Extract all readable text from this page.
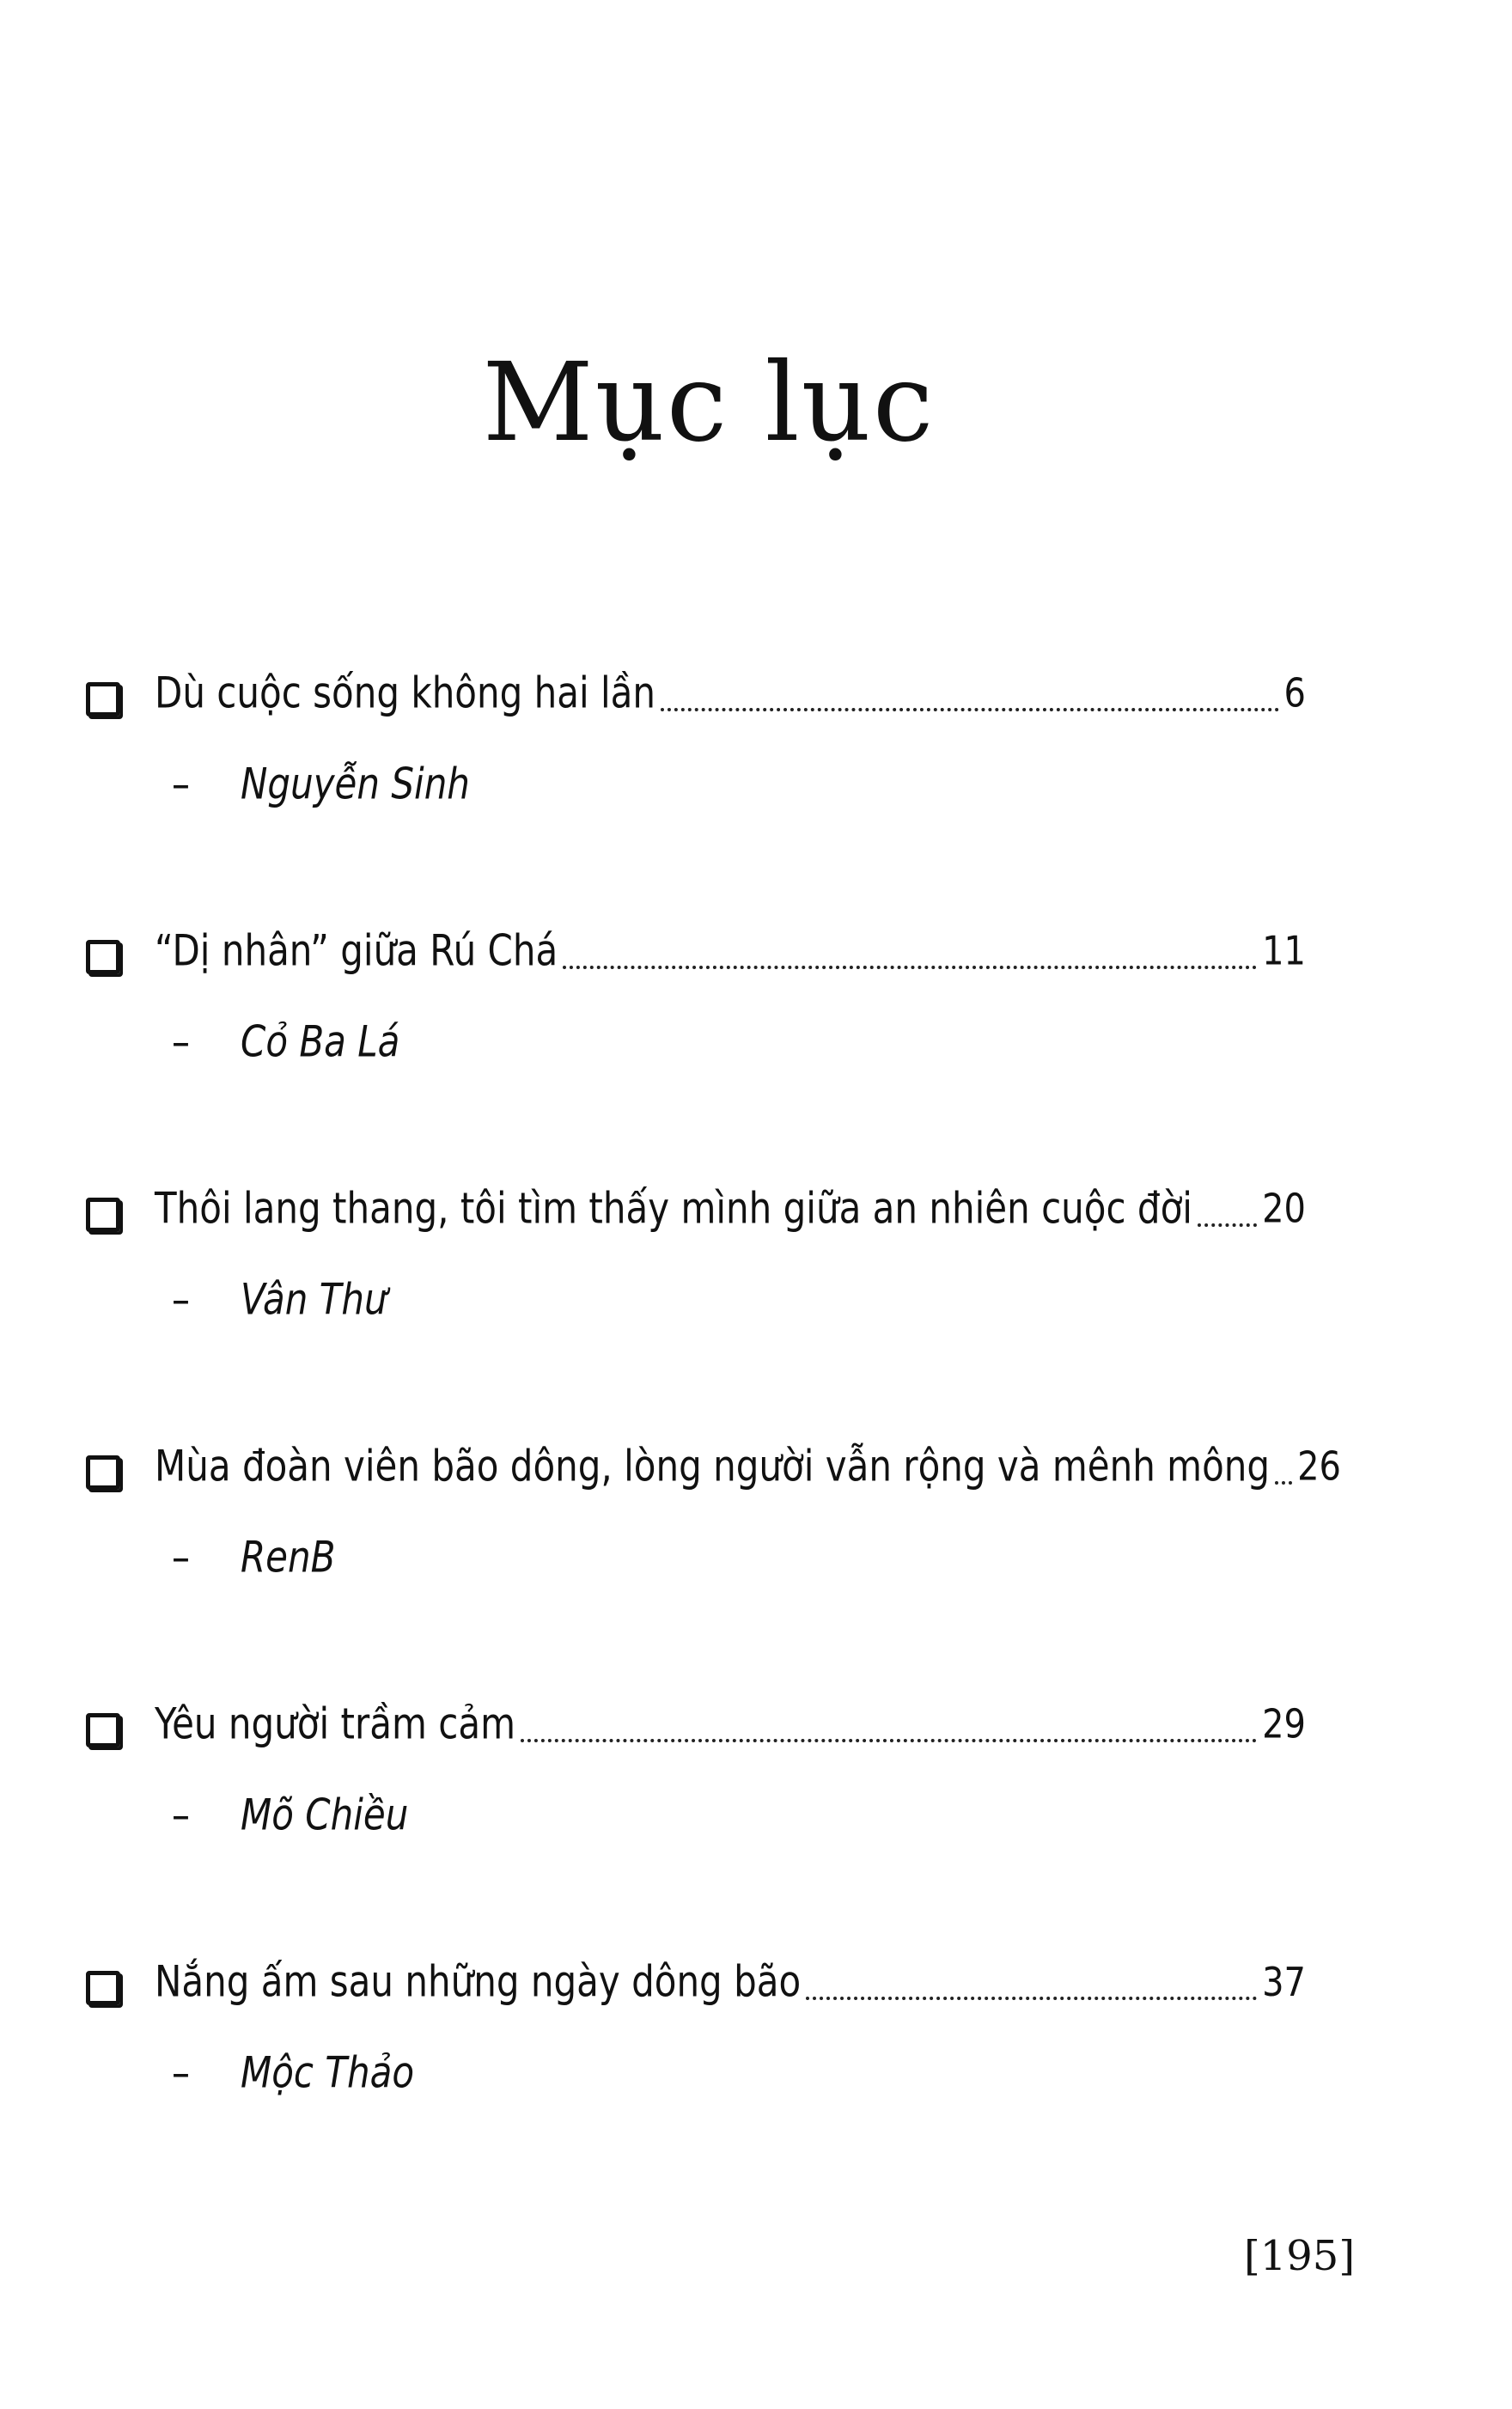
Mục lục
Dù cuộc sống không hai lần	6
– Nguyễn Sinh
“Dị nhân” giữa Rú Chá	11
– Cỏ Ba Lá
Thôi lang thang, tôi tìm thấy mình giữa an nhiên cuộc đời 20
– Vân Thư
Mùa đoàn viên bão dông, lòng người vẫn rộng và mênh mông 26
– RenB
Yêu người trầm cảm	29
– Mõ Chiều
Nắng ấm sau những ngày dông bão	37
– Mộc Thảo
[195]
